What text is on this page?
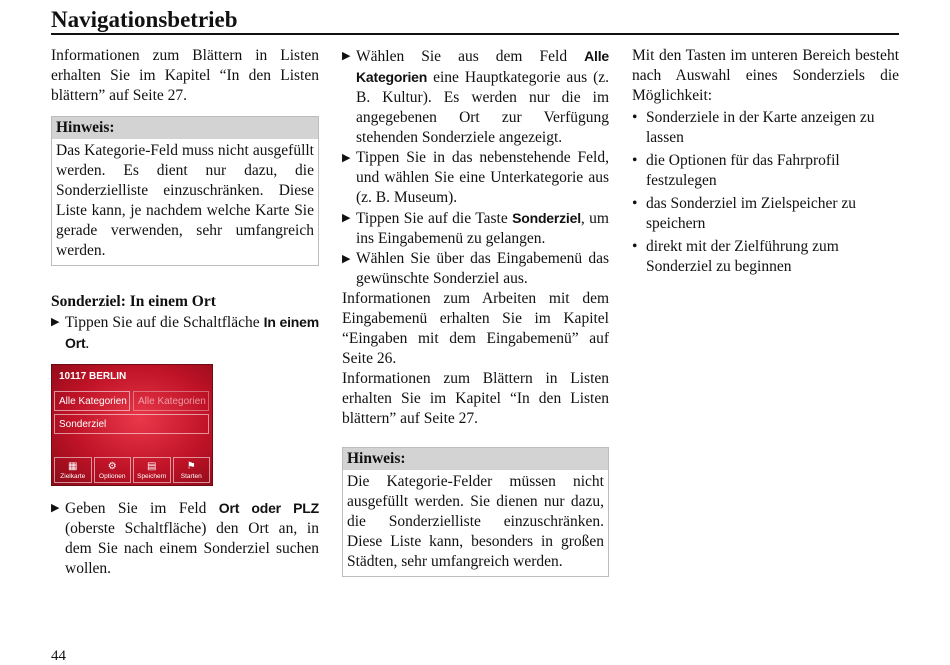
Navigationsbetrieb

Informationen zum Blättern in Listen erhalten Sie im Kapitel “In den Listen blättern” auf Seite 27.

Hinweis:
Das Kategorie-Feld muss nicht ausgefüllt werden. Es dient nur dazu, die Sonderzielliste einzuschränken. Diese Liste kann, je nachdem welche Karte Sie gerade verwenden, sehr umfangreich werden.
Sonderziel: In einem Ort
▶ Tippen Sie auf die Schaltfläche In einem Ort.
10117 BERLIN
Alle Kategorien	Alle Kategorien
Sonderziel
▦
Zielkarte
⚙
Optionen
▤
Speichern
⚑
Starten
▶ Geben Sie im Feld Ort oder PLZ (oberste Schaltfläche) den Ort an, in dem Sie nach einem Sonderziel suchen wollen.
▶ Wählen Sie aus dem Feld Alle Kategorien eine Hauptkategorie aus (z. B. Kultur). Es werden nur die im angegebenen Ort zur Verfügung stehenden Sonderziele angezeigt.
▶ Tippen Sie in das nebenstehende Feld, und wählen Sie eine Unterkategorie aus (z. B. Museum).
▶ Tippen Sie auf die Taste Sonderziel, um ins Eingabemenü zu gelangen.
▶ Wählen Sie über das Eingabemenü das gewünschte Sonderziel aus.

Informationen zum Arbeiten mit dem Eingabemenü erhalten Sie im Kapitel “Eingaben mit dem Eingabemenü” auf Seite 26.

Informationen zum Blättern in Listen erhalten Sie im Kapitel “In den Listen blättern” auf Seite 27.

Hinweis:
Die Kategorie-Felder müssen nicht ausgefüllt werden. Sie dienen nur dazu, die Sonderzielliste einzuschränken. Diese Liste kann, besonders in großen Städten, sehr umfangreich werden.

Mit den Tasten im unteren Bereich besteht nach Auswahl eines Sonderziels die Möglichkeit:

• Sonderziele in der Karte anzeigen zu lassen
• die Optionen für das Fahrprofil festzulegen
• das Sonderziel im Zielspeicher zu speichern
• direkt mit der Zielführung zum Sonderziel zu beginnen
44
